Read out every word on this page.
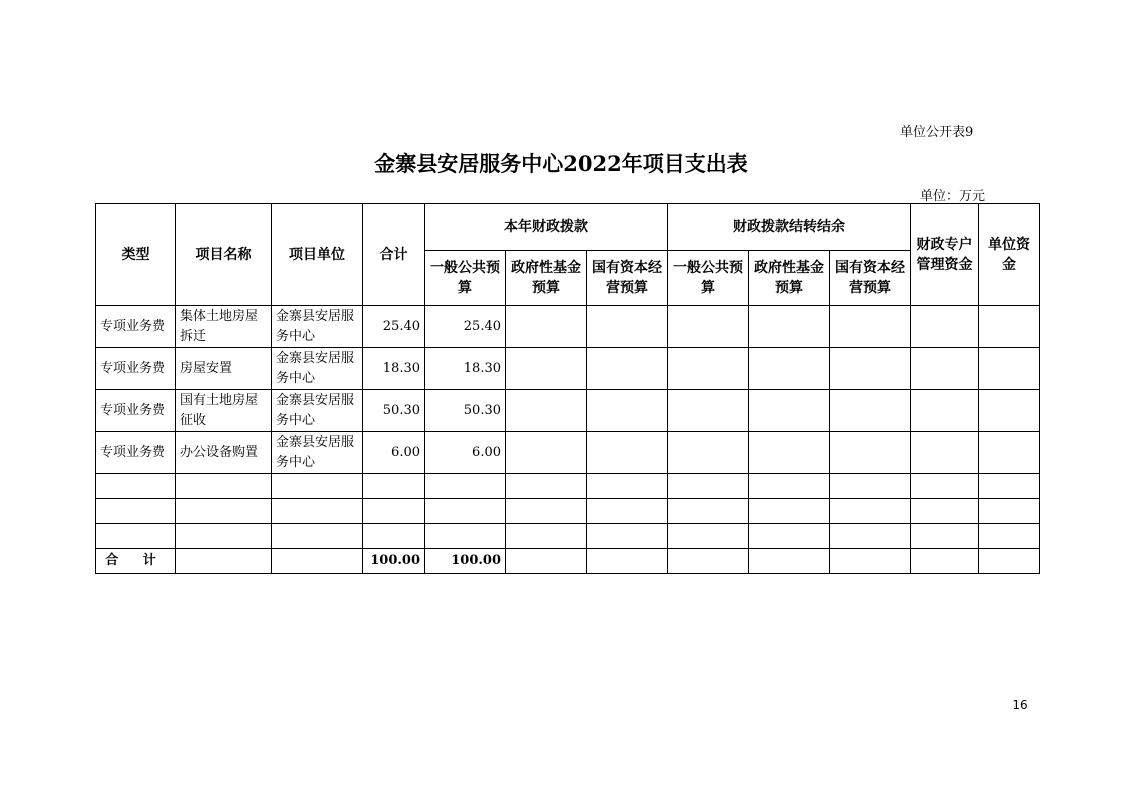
单位公开表9
金寨县安居服务中心2022年项目支出表
单位：万元
类型	项目名称	项目单位	合计	本年财政拨款			财政拨款结转结余			财政专户管理资金	单位资金
				一般公共预算	政府性基金预算	国有资本经营预算	一般公共预算	政府性基金预算	国有资本经营预算		
专项业务费	集体土地房屋拆迁	金寨县安居服务中心	25.40	25.40							
专项业务费	房屋安置	金寨县安居服务中心	18.30	18.30							
专项业务费	国有土地房屋征收	金寨县安居服务中心	50.30	50.30							
专项业务费	办公设备购置	金寨县安居服务中心	6.00	6.00							

合 计			100.00	100.00							
16
